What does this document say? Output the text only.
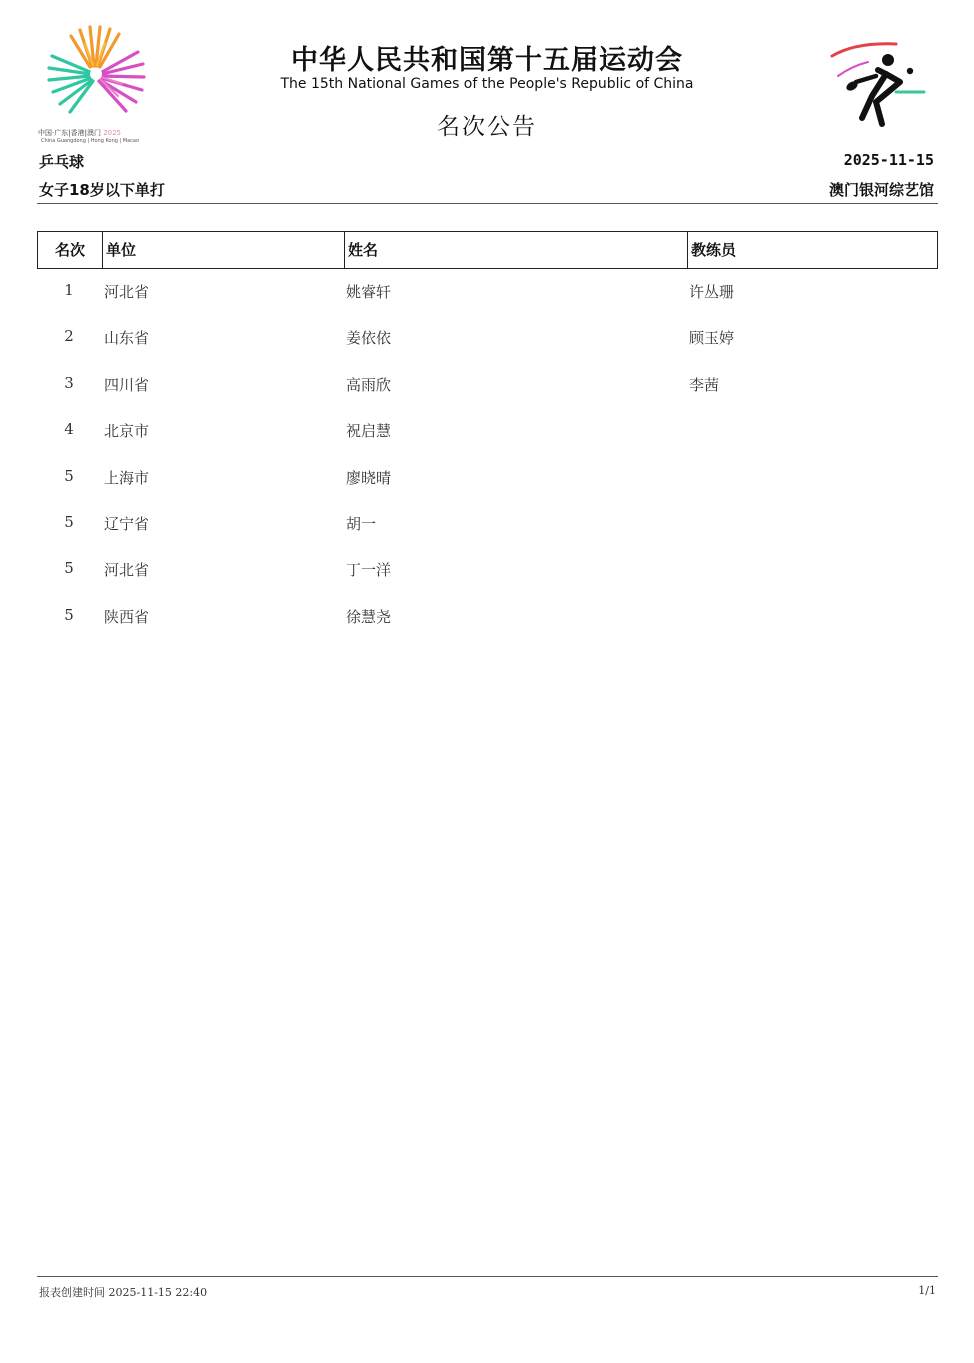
中国·广东|香港|澳门 2025
China Guangdong | Hong Kong | Macao
中华人民共和国第十五届运动会
The 15th National Games of the People's Republic of China
名次公告
乒乓球
女子18岁以下单打
2025-11-15
澳门银河综艺馆
名次	单位	姓名	教练员
1	河北省	姚睿轩	许丛珊
2	山东省	姜依依	顾玉婷
3	四川省	高雨欣	李茜
4	北京市	祝启慧
5	上海市	廖晓晴
5	辽宁省	胡一
5	河北省	丁一洋
5	陕西省	徐慧尧
报表创建时间 2025-11-15 22:40	1/1
